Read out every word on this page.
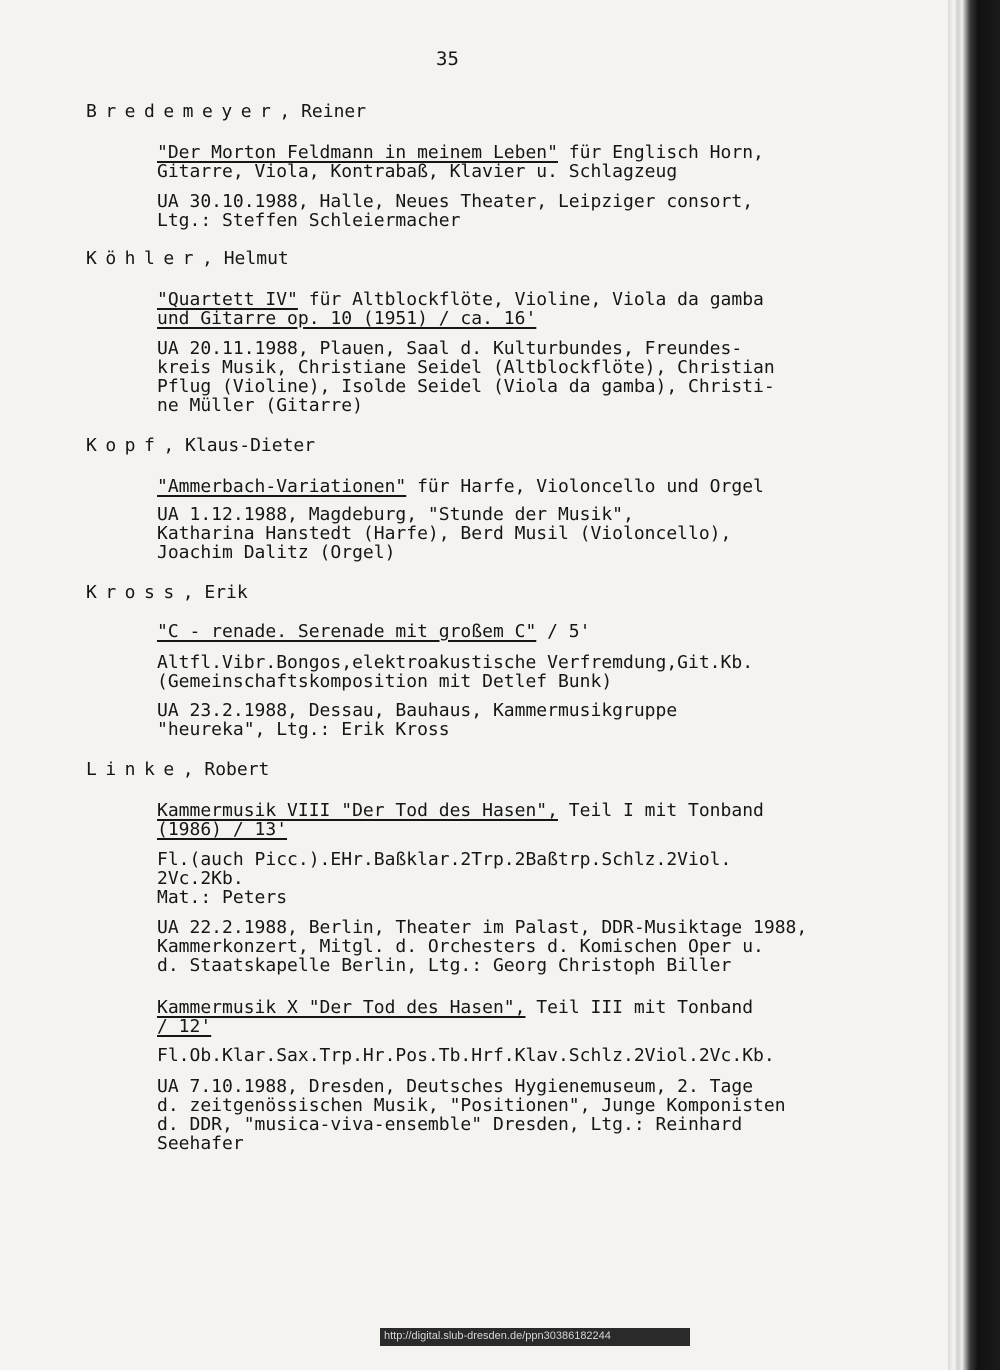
35
Bredemeyer, Reiner
"Der Morton Feldmann in meinem Leben" für Englisch Horn,
Gitarre, Viola, Kontrabaß, Klavier u. Schlagzeug
UA 30.10.1988, Halle, Neues Theater, Leipziger consort,
Ltg.: Steffen Schleiermacher
Köhler, Helmut
"Quartett IV" für Altblockflöte, Violine, Viola da gamba
und Gitarre op. 10 (1951) / ca. 16'
UA 20.11.1988, Plauen, Saal d. Kulturbundes, Freundes-
kreis Musik, Christiane Seidel (Altblockflöte), Christian
Pflug (Violine), Isolde Seidel (Viola da gamba), Christi-
ne Müller (Gitarre)
Kopf, Klaus-Dieter
"Ammerbach-Variationen" für Harfe, Violoncello und Orgel
UA 1.12.1988, Magdeburg, "Stunde der Musik",
Katharina Hanstedt (Harfe), Berd Musil (Violoncello),
Joachim Dalitz (Orgel)
Kross, Erik
"C - renade. Serenade mit großem C" / 5'
Altfl.Vibr.Bongos,elektroakustische Verfremdung,Git.Kb.
(Gemeinschaftskomposition mit Detlef Bunk)
UA 23.2.1988, Dessau, Bauhaus, Kammermusikgruppe
"heureka", Ltg.: Erik Kross
Linke, Robert
Kammermusik VIII "Der Tod des Hasen", Teil I mit Tonband
(1986) / 13'
Fl.(auch Picc.).EHr.Baßklar.2Trp.2Baßtrp.Schlz.2Viol.
2Vc.2Kb.
Mat.: Peters
UA 22.2.1988, Berlin, Theater im Palast, DDR-Musiktage 1988,
Kammerkonzert, Mitgl. d. Orchesters d. Komischen Oper u.
d. Staatskapelle Berlin, Ltg.: Georg Christoph Biller
Kammermusik X "Der Tod des Hasen", Teil III mit Tonband
/ 12'
Fl.Ob.Klar.Sax.Trp.Hr.Pos.Tb.Hrf.Klav.Schlz.2Viol.2Vc.Kb.
UA 7.10.1988, Dresden, Deutsches Hygienemuseum, 2. Tage
d. zeitgenössischen Musik, "Positionen", Junge Komponisten
d. DDR, "musica-viva-ensemble" Dresden, Ltg.: Reinhard
Seehafer
http://digital.slub-dresden.de/ppn30386182244
